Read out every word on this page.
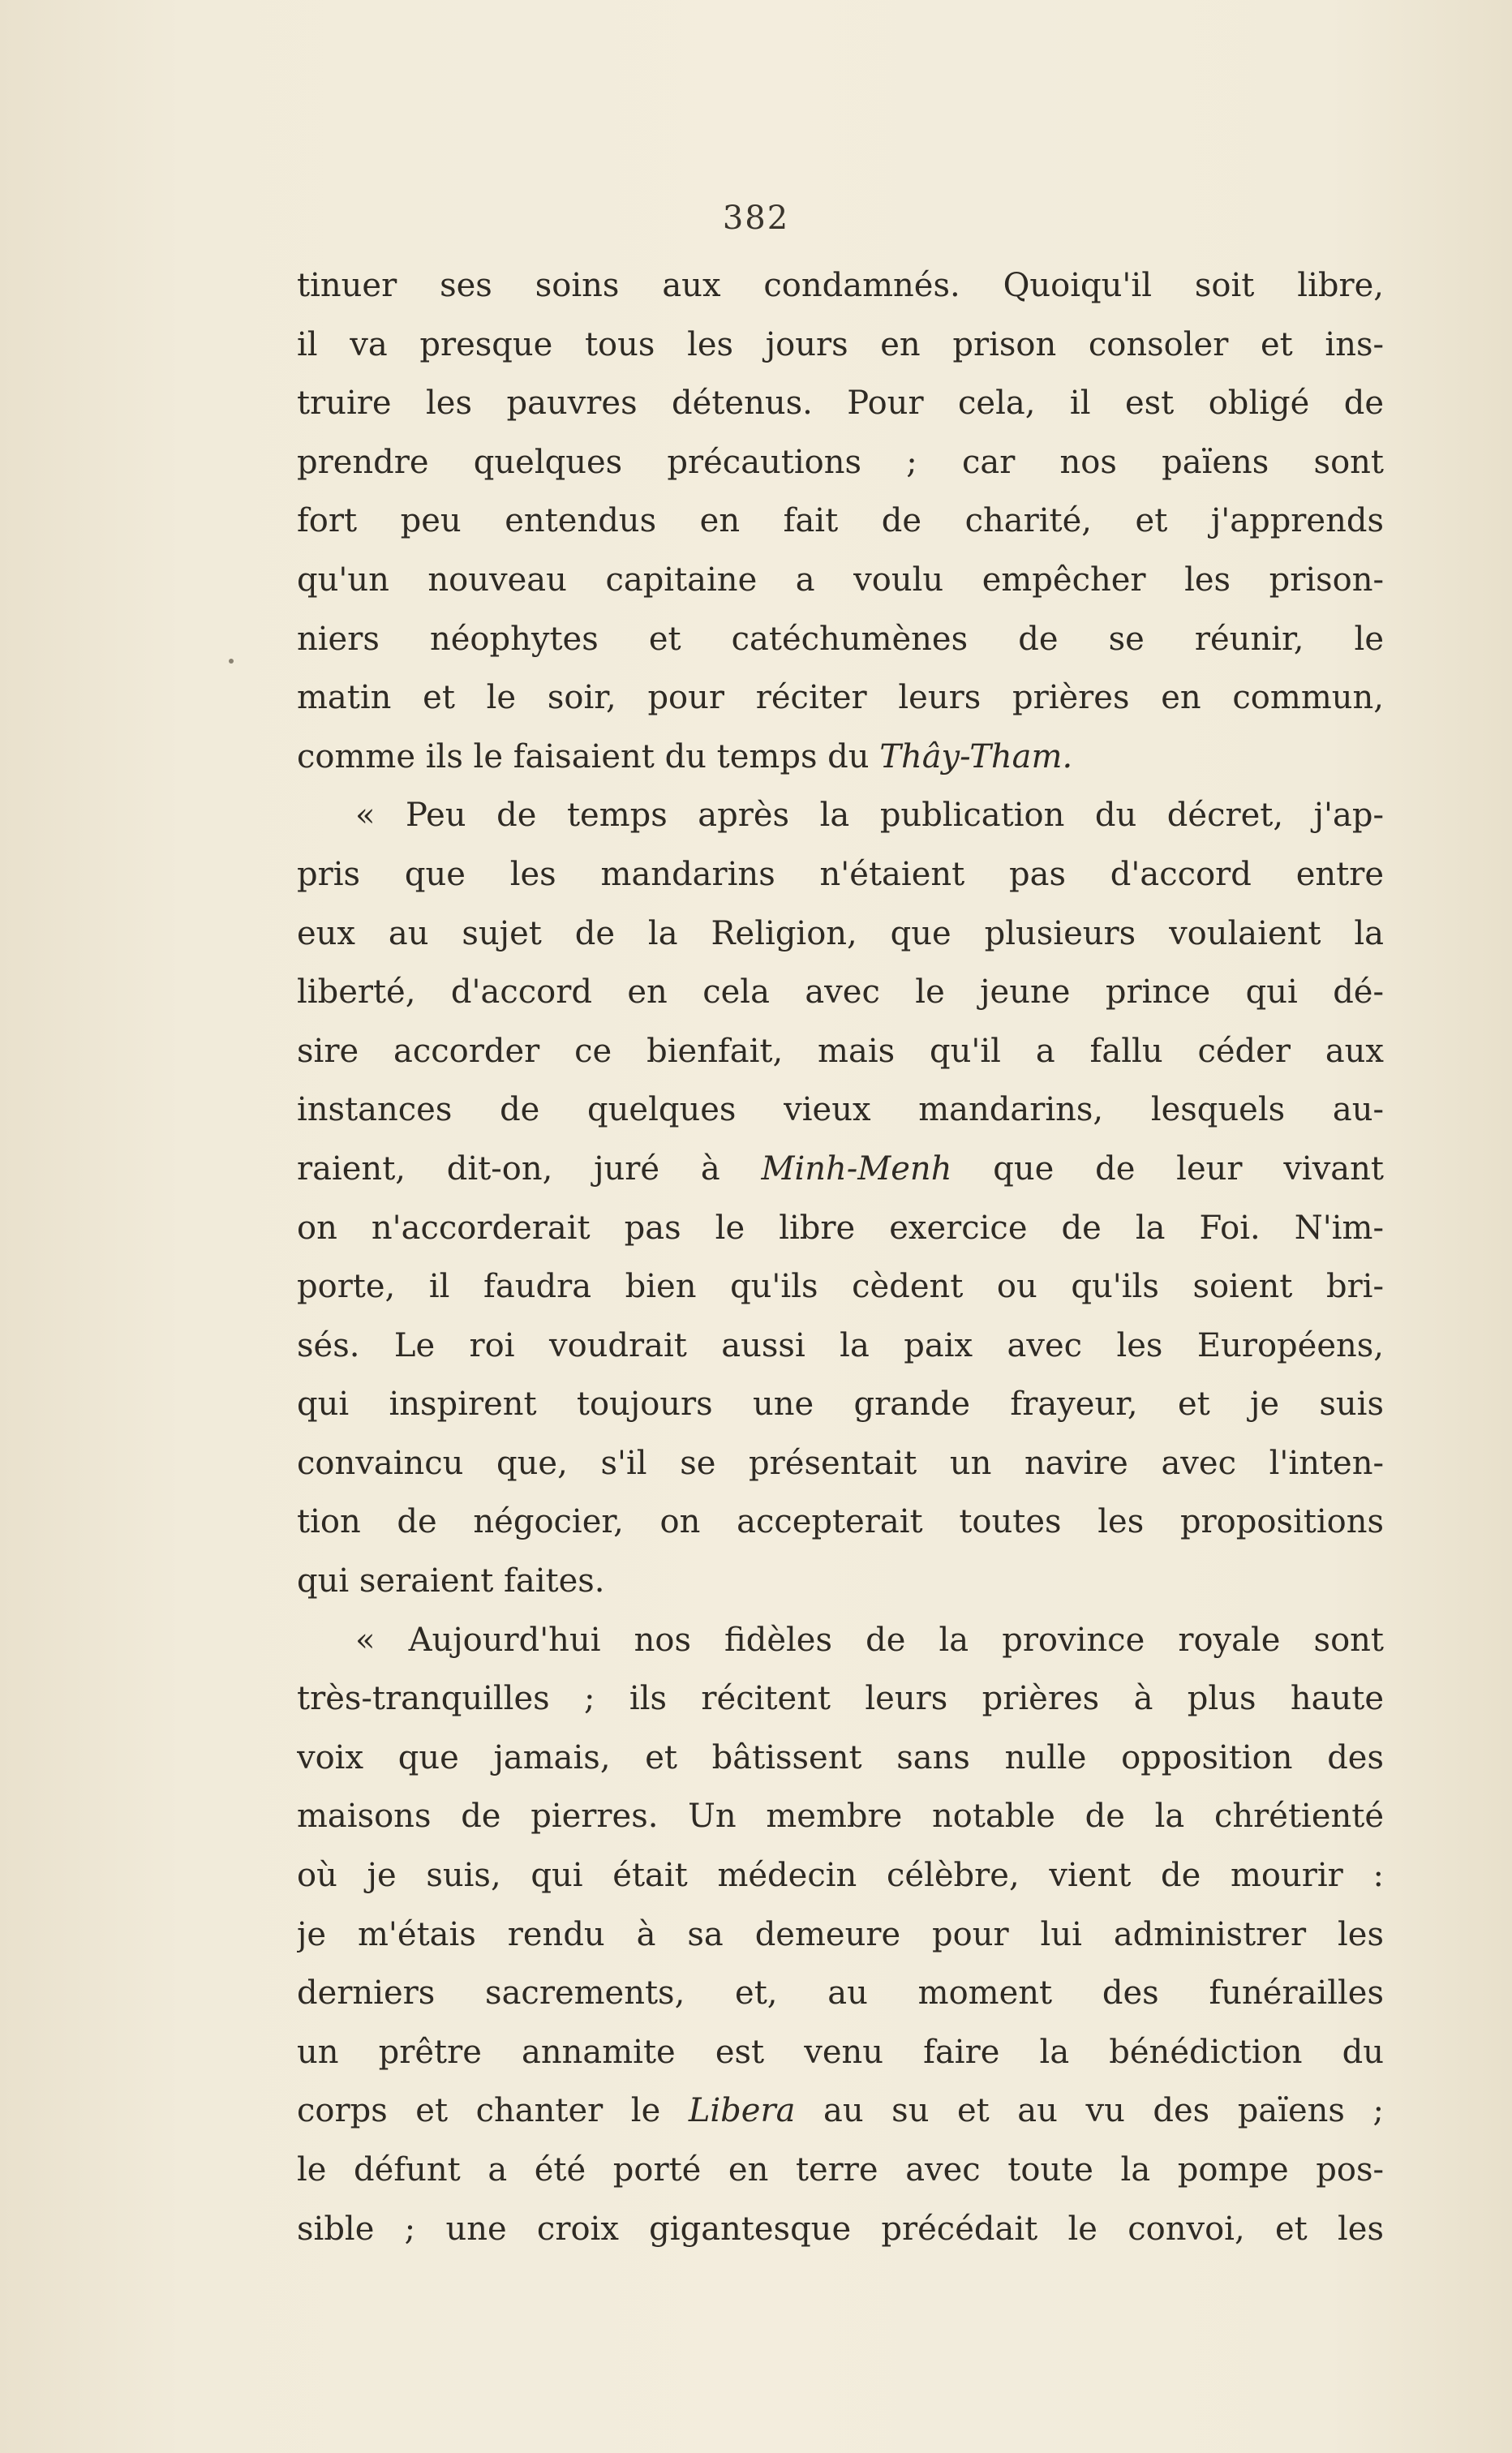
382
tinuer ses soins aux condamnés. Quoiqu'il soit libre,
il va presque tous les jours en prison consoler et ins-
truire les pauvres détenus. Pour cela, il est obligé de
prendre quelques précautions ; car nos païens sont
fort peu entendus en fait de charité, et j'apprends
qu'un nouveau capitaine a voulu empêcher les prison-
niers néophytes et catéchumènes de se réunir, le
matin et le soir, pour réciter leurs prières en commun,
comme ils le faisaient du temps du Thây-Tham.
« Peu de temps après la publication du décret, j'ap-
pris que les mandarins n'étaient pas d'accord entre
eux au sujet de la Religion, que plusieurs voulaient la
liberté, d'accord en cela avec le jeune prince qui dé-
sire accorder ce bienfait, mais qu'il a fallu céder aux
instances de quelques vieux mandarins, lesquels au-
raient, dit-on, juré à Minh-Menh que de leur vivant
on n'accorderait pas le libre exercice de la Foi. N'im-
porte, il faudra bien qu'ils cèdent ou qu'ils soient bri-
sés. Le roi voudrait aussi la paix avec les Européens,
qui inspirent toujours une grande frayeur, et je suis
convaincu que, s'il se présentait un navire avec l'inten-
tion de négocier, on accepterait toutes les propositions
qui seraient faites.
« Aujourd'hui nos fidèles de la province royale sont
très-tranquilles ; ils récitent leurs prières à plus haute
voix que jamais, et bâtissent sans nulle opposition des
maisons de pierres. Un membre notable de la chrétienté
où je suis, qui était médecin célèbre, vient de mourir :
je m'étais rendu à sa demeure pour lui administrer les
derniers sacrements, et, au moment des funérailles
un prêtre annamite est venu faire la bénédiction du
corps et chanter le Libera au su et au vu des païens ;
le défunt a été porté en terre avec toute la pompe pos-
sible ; une croix gigantesque précédait le convoi, et les
